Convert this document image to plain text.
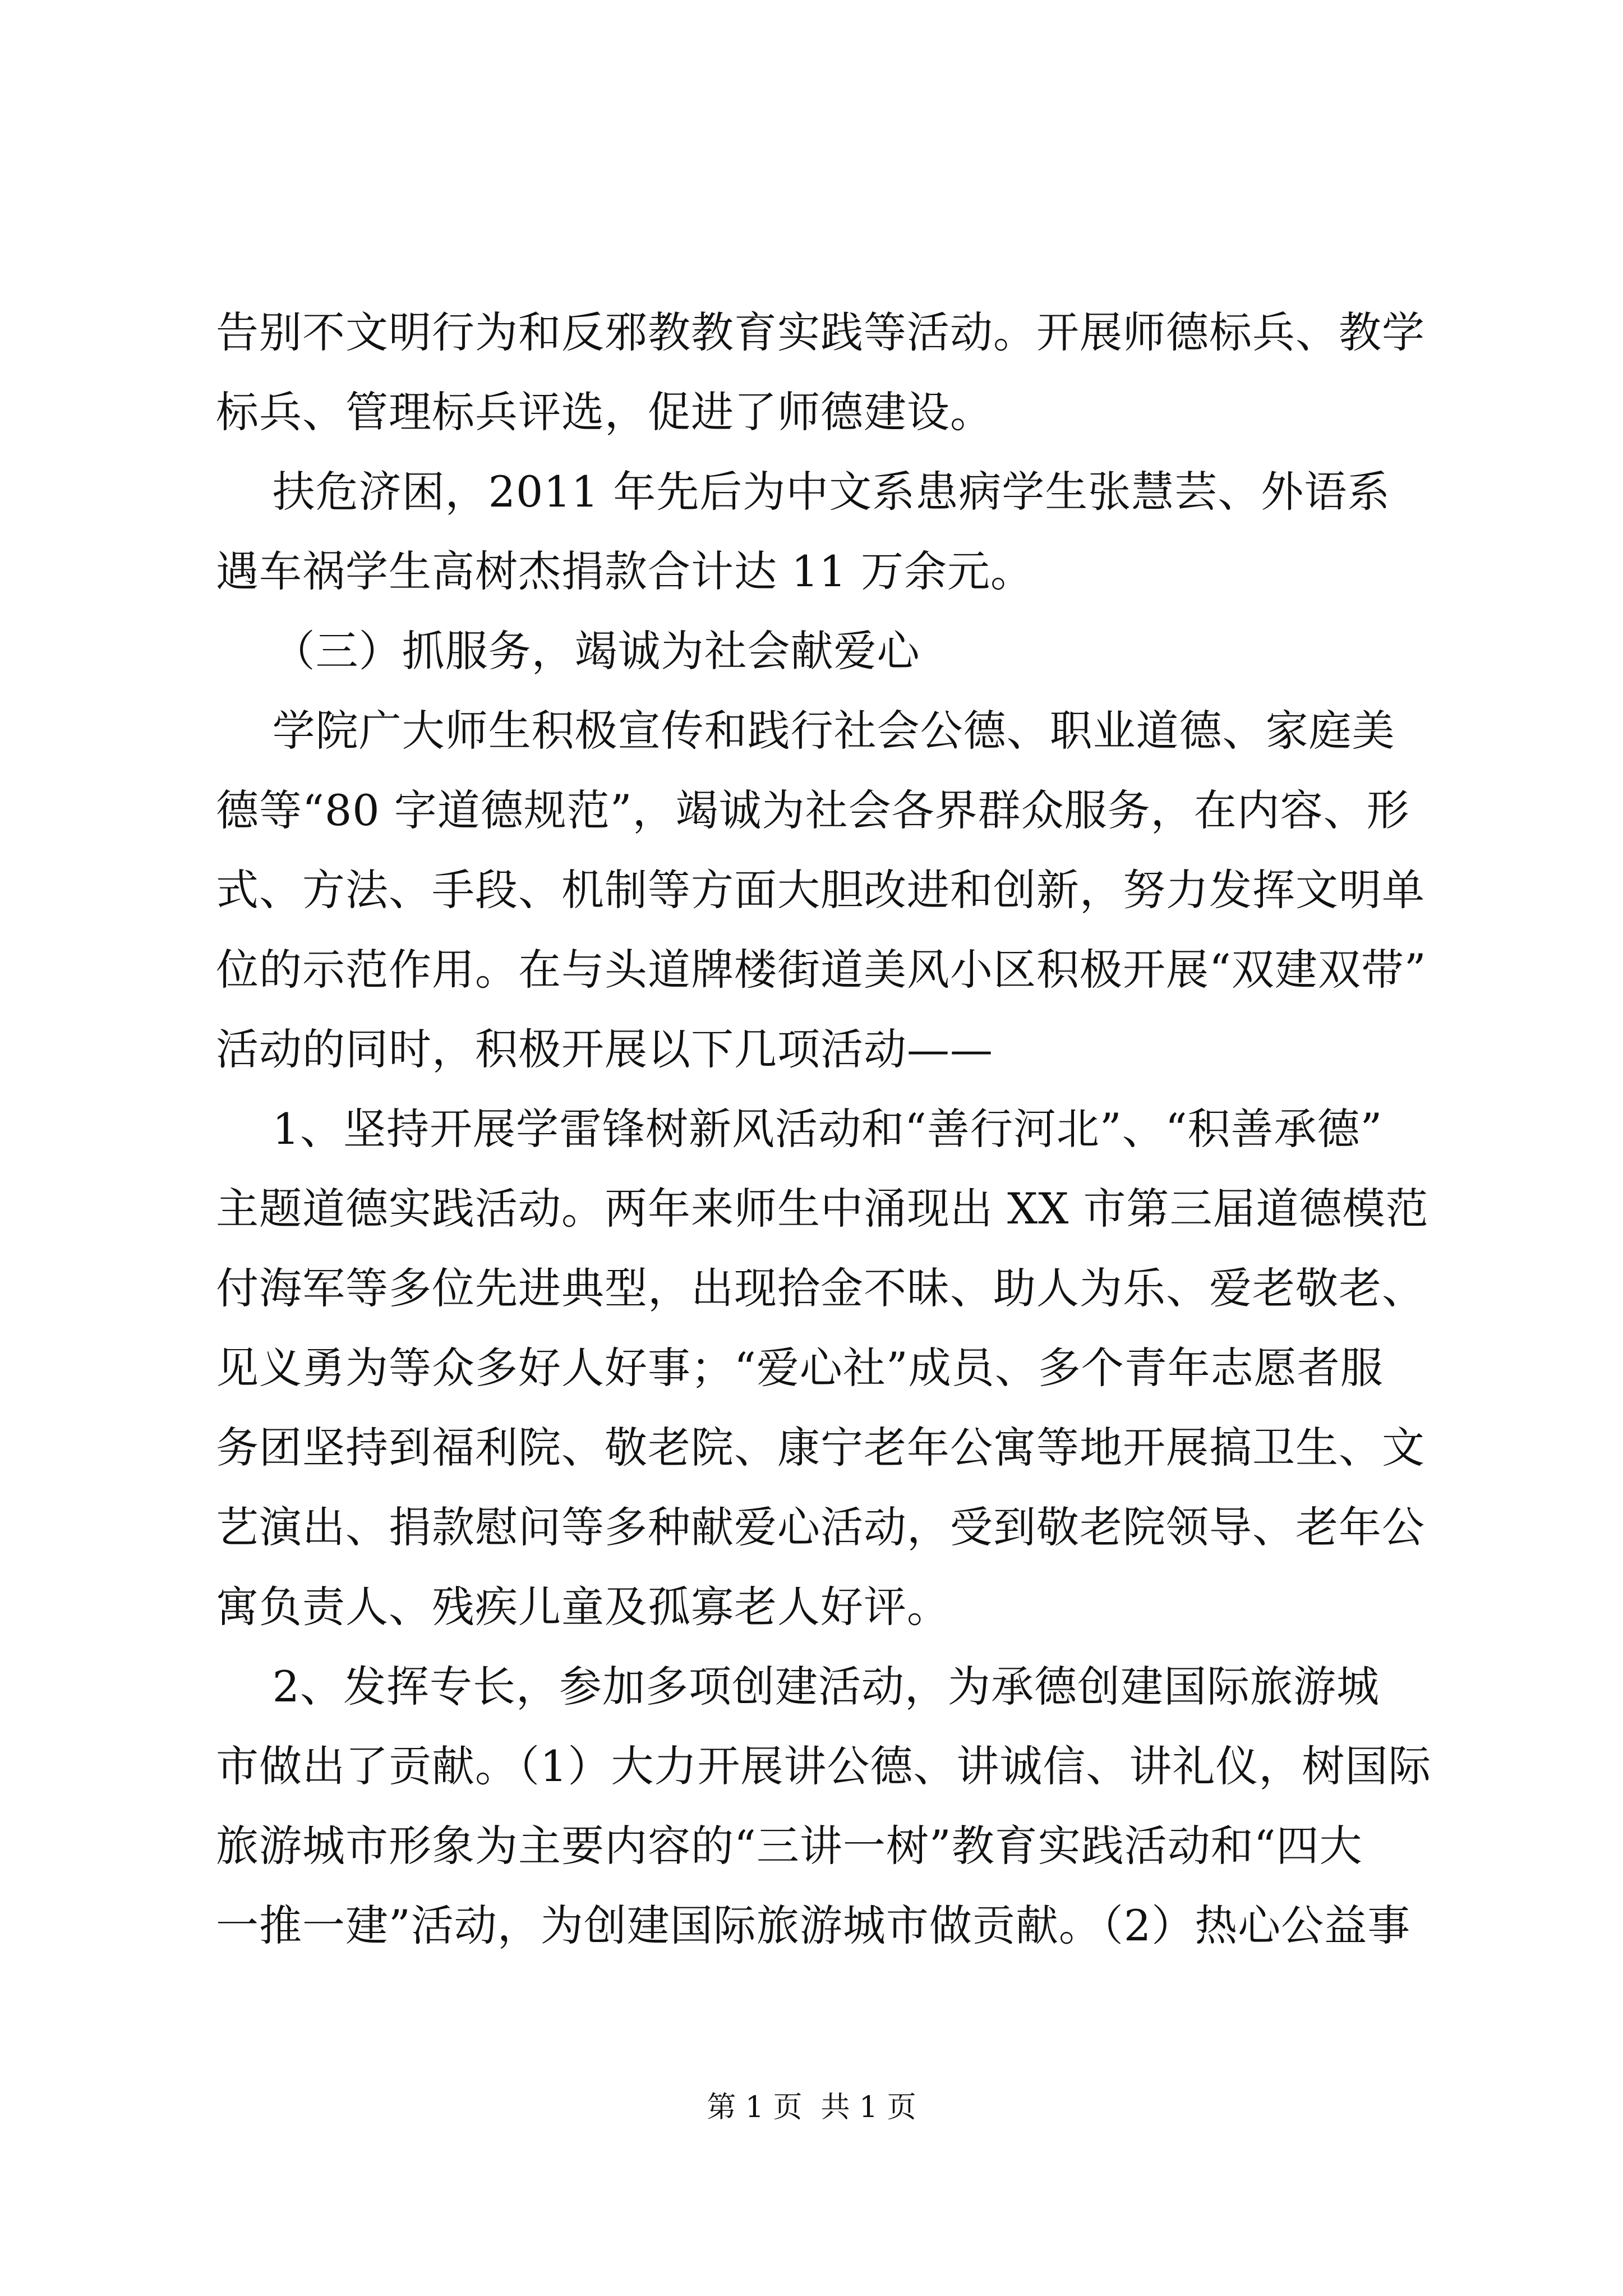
告别不文明行为和反邪教教育实践等活动。开展师德标兵、教学
标兵、管理标兵评选，促进了师德建设。
扶危济困，2011 年先后为中文系患病学生张慧芸、外语系
遇车祸学生高树杰捐款合计达 11 万余元。
（三）抓服务，竭诚为社会献爱心
学院广大师生积极宣传和践行社会公德、职业道德、家庭美
德等“80 字道德规范”，竭诚为社会各界群众服务，在内容、形
式、方法、手段、机制等方面大胆改进和创新，努力发挥文明单
位的示范作用。在与头道牌楼街道美风小区积极开展“双建双带”
活动的同时，积极开展以下几项活动——
1、坚持开展学雷锋树新风活动和“善行河北”、“积善承德”
主题道德实践活动。两年来师生中涌现出 XX 市第三届道德模范
付海军等多位先进典型，出现拾金不昧、助人为乐、爱老敬老、
见义勇为等众多好人好事；“爱心社”成员、多个青年志愿者服
务团坚持到福利院、敬老院、康宁老年公寓等地开展搞卫生、文
艺演出、捐款慰问等多种献爱心活动，受到敬老院领导、老年公
寓负责人、残疾儿童及孤寡老人好评。
2、发挥专长，参加多项创建活动，为承德创建国际旅游城
市做出了贡献。（1）大力开展讲公德、讲诚信、讲礼仪，树国际
旅游城市形象为主要内容的“三讲一树”教育实践活动和“四大
一推一建”活动，为创建国际旅游城市做贡献。（2）热心公益事
第 1 页  共 1 页
